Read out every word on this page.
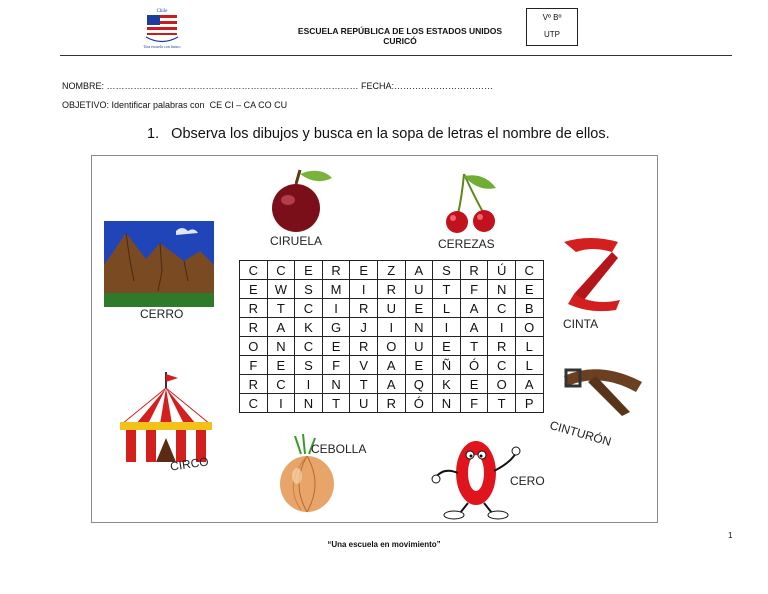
Chile
Una escuela con futuro
ESCUELA REPÚBLICA DE LOS ESTADOS UNIDOS
CURICÓ
Vº Bº
UTP
NOMBRE: ………………………………………………………………………… FECHA:……………………………
OBJETIVO: Identificar palabras con  CE CI – CA CO CU
1.   Observa los dibujos y busca en la sopa de letras el nombre de ellos.
CIRUELA	CEREZAS
CERRO
CINTA
CIRCO
CEBOLLA
CERO
CINTURÓN
C	C	E	R	E	Z	A	S	R	Ú	C
E	W	S	M	I	R	U	T	F	N	E
R	T	C	I	R	U	E	L	A	C	B
R	A	K	G	J	I	N	I	A	I	O
O	N	C	E	R	O	U	E	T	R	L
F	E	S	F	V	A	E	Ñ	Ó	C	L
R	C	I	N	T	A	Q	K	E	O	A
C	I	N	T	U	R	Ó	N	F	T	P
“Una escuela en movimiento”
1
